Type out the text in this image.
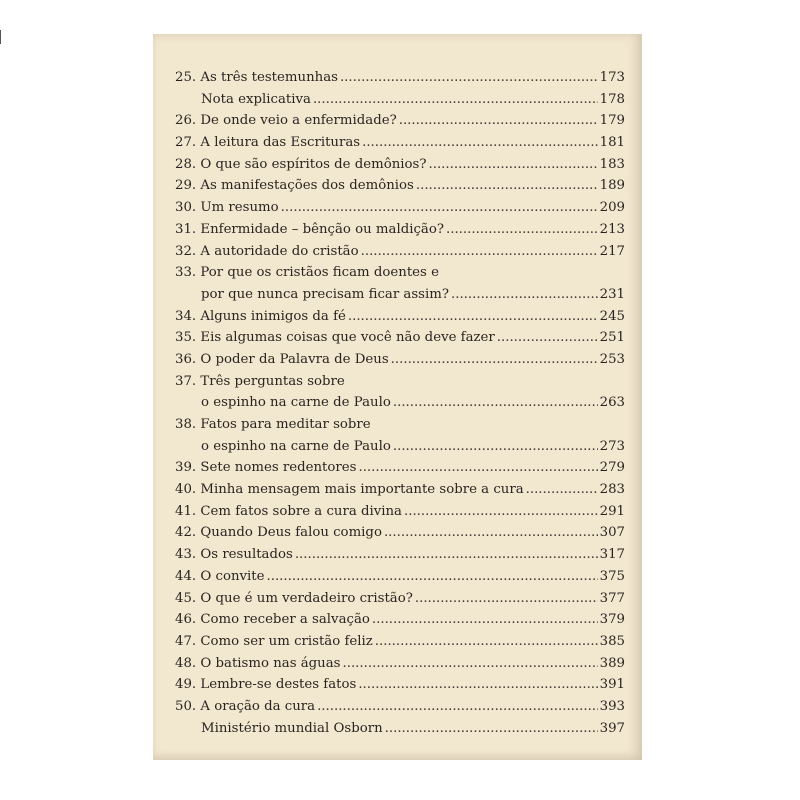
25. As três testemunhas .....	173
Nota explicativa .....	178
26. De onde veio a enfermidade? .....	179
27. A leitura das Escrituras .....	181
28. O que são espíritos de demônios? .....	183
29. As manifestações dos demônios .....	189
30. Um resumo .....	209
31. Enfermidade – bênção ou maldição? .....	213
32. A autoridade do cristão .....	217
33. Por que os cristãos ficam doentes e
por que nunca precisam ficar assim? .....	231
34. Alguns inimigos da fé .....	245
35. Eis algumas coisas que você não deve fazer .....	251
36. O poder da Palavra de Deus .....	253
37. Três perguntas sobre
o espinho na carne de Paulo .....	263
38. Fatos para meditar sobre
o espinho na carne de Paulo .....	273
39. Sete nomes redentores .....	279
40. Minha mensagem mais importante sobre a cura .....	283
41. Cem fatos sobre a cura divina .....	291
42. Quando Deus falou comigo .....	307
43. Os resultados .....	317
44. O convite .....	375
45. O que é um verdadeiro cristão? .....	377
46. Como receber a salvação .....	379
47. Como ser um cristão feliz .....	385
48. O batismo nas águas .....	389
49. Lembre-se destes fatos .....	391
50. A oração da cura .....	393
Ministério mundial Osborn .....	397
